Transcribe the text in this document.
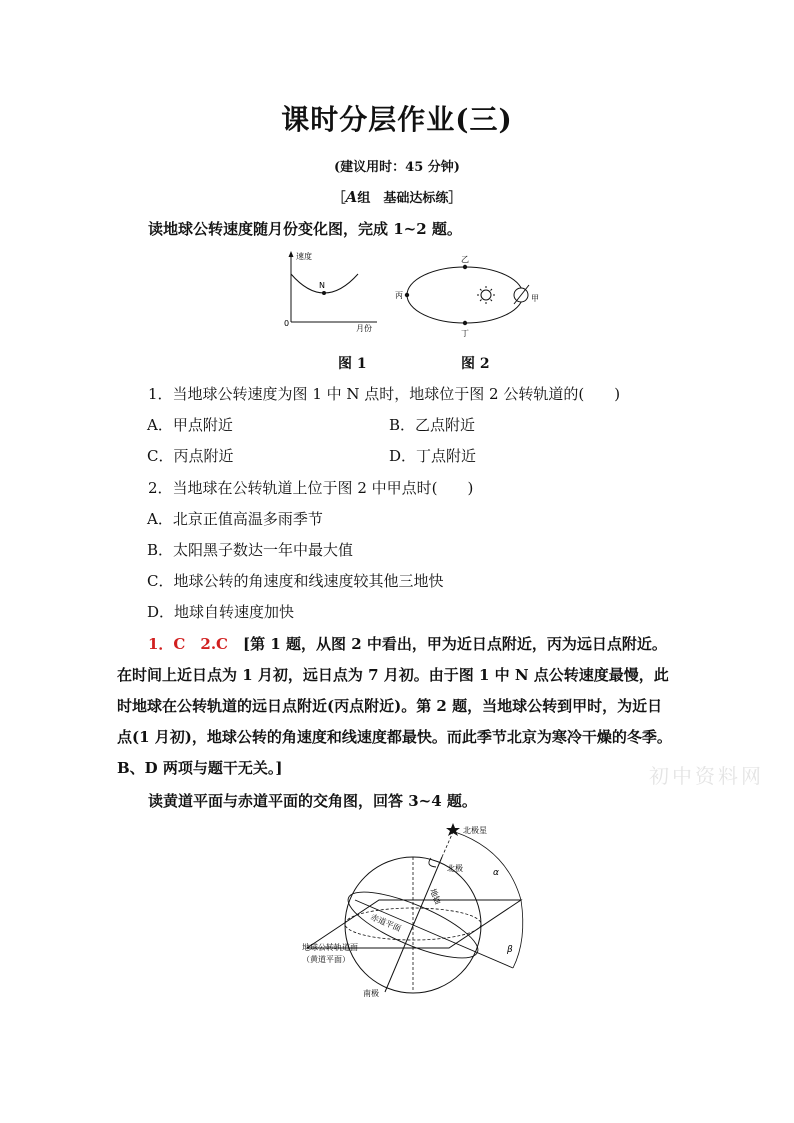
课时分层作业(三)
(建议用时：45 分钟)
［A组　基础达标练］
读地球公转速度随月份变化图，完成 1~2 题。
速度
月份
0
N
乙
丙
丁
甲
图 1	图 2
1．当地球公转速度为图 1 中 N 点时，地球位于图 2 公转轨道的(　　)
A．甲点附近	B．乙点附近
C．丙点附近	D．丁点附近
2．当地球在公转轨道上位于图 2 中甲点时(　　)
A．北京正值高温多雨季节
B．太阳黑子数达一年中最大值
C．地球公转的角速度和线速度较其他三地快
D．地球自转速度加快
1．C　2.C　 [第 1 题，从图 2 中看出，甲为近日点附近，丙为远日点附近。
在时间上近日点为 1 月初，远日点为 7 月初。由于图 1 中 N 点公转速度最慢，此
时地球在公转轨道的远日点附近(丙点附近)。第 2 题，当地球公转到甲时，为近日
点(1 月初)，地球公转的角速度和线速度都最快。而此季节北京为寒冷干燥的冬季。
B、D 两项与题干无关。]	初中资料网
读黄道平面与赤道平面的交角图，回答 3~4 题。
北极星
北极
地轴
赤道平面
地球公转轨道面
（黄道平面）
南极
α
β
